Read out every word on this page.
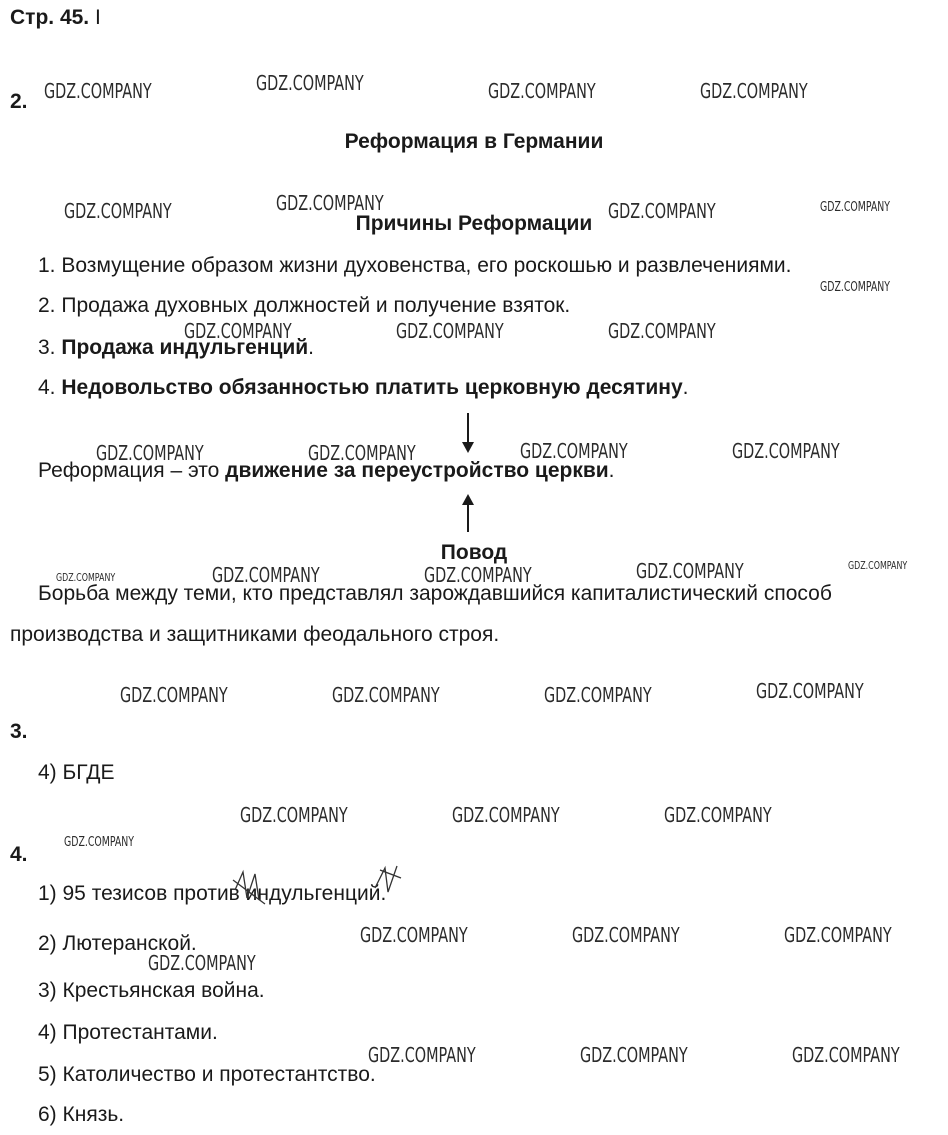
Стр. 45. I
2.
Реформация в Германии
Причины Реформации
1. Возмущение образом жизни духовенства, его роскошью и развлечениями.
2. Продажа духовных должностей и получение взяток.
3. Продажа индульгенций.
4. Недовольство обязанностью платить церковную десятину.
Реформация – это движение за переустройство церкви.
Повод
Борьба между теми, кто представлял зарождавшийся капиталистический способ
производства и защитниками феодального строя.
3.
4) БГДЕ
4.
1) 95 тезисов против индульгенций.
2) Лютеранской.
3) Крестьянская война.
4) Протестантами.
5) Католичество и протестантство.
6) Князь.
GDZ.COMPANY	GDZ.COMPANY	GDZ.COMPANY	GDZ.COMPANY
GDZ.COMPANY	GDZ.COMPANY	GDZ.COMPANY	GDZ.COMPANY
GDZ.COMPANY
GDZ.COMPANY	GDZ.COMPANY	GDZ.COMPANY
GDZ.COMPANY	GDZ.COMPANY	GDZ.COMPANY	GDZ.COMPANY
GDZ.COMPANY	GDZ.COMPANY	GDZ.COMPANY	GDZ.COMPANY	GDZ.COMPANY
GDZ.COMPANY	GDZ.COMPANY	GDZ.COMPANY	GDZ.COMPANY
GDZ.COMPANY	GDZ.COMPANY	GDZ.COMPANY
GDZ.COMPANY
GDZ.COMPANY	GDZ.COMPANY	GDZ.COMPANY
GDZ.COMPANY
GDZ.COMPANY	GDZ.COMPANY	GDZ.COMPANY
